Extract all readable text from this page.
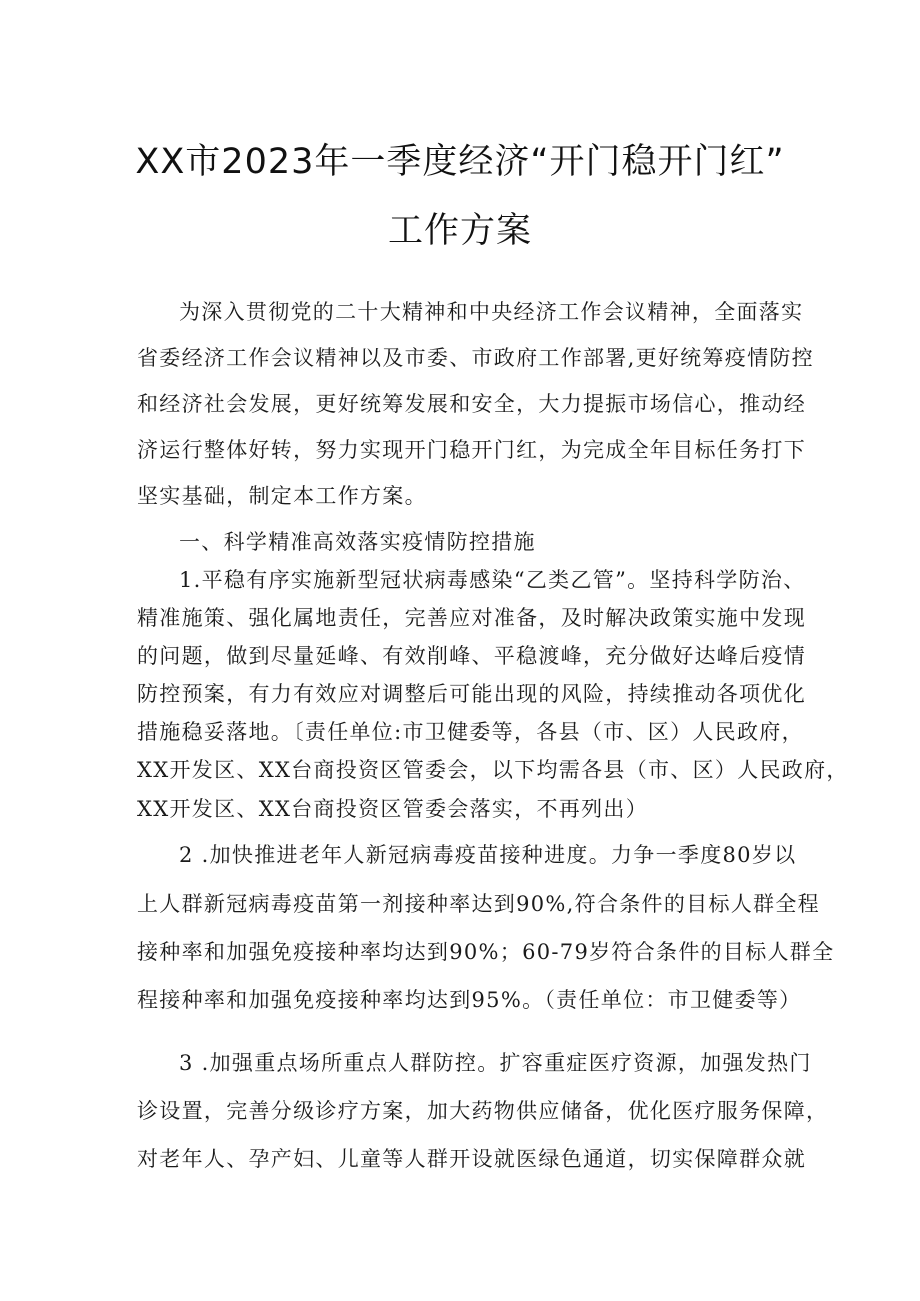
XX市2023年一季度经济“开门稳开门红”
工作方案
为深入贯彻党的二十大精神和中央经济工作会议精神，全面落实
省委经济工作会议精神以及市委、市政府工作部署,更好统筹疫情防控
和经济社会发展，更好统筹发展和安全，大力提振市场信心，推动经
济运行整体好转，努力实现开门稳开门红，为完成全年目标任务打下
坚实基础，制定本工作方案。
一、科学精准高效落实疫情防控措施
1.平稳有序实施新型冠状病毒感染“乙类乙管”。坚持科学防治、
精准施策、强化属地责任，完善应对准备，及时解决政策实施中发现
的问题，做到尽量延峰、有效削峰、平稳渡峰，充分做好达峰后疫情
防控预案，有力有效应对调整后可能出现的风险，持续推动各项优化
措施稳妥落地。〔责任单位:市卫健委等，各县（市、区）人民政府，
XX开发区、XX台商投资区管委会，以下均需各县（市、区）人民政府，
XX开发区、XX台商投资区管委会落实，不再列出）
2 .加快推进老年人新冠病毒疫苗接种进度。力争一季度80岁以
上人群新冠病毒疫苗第一剂接种率达到90%,符合条件的目标人群全程
接种率和加强免疫接种率均达到90%；60-79岁符合条件的目标人群全
程接种率和加强免疫接种率均达到95%。（责任单位：市卫健委等）
3 .加强重点场所重点人群防控。扩容重症医疗资源，加强发热门
诊设置，完善分级诊疗方案，加大药物供应储备，优化医疗服务保障，
对老年人、孕产妇、儿童等人群开设就医绿色通道，切实保障群众就
